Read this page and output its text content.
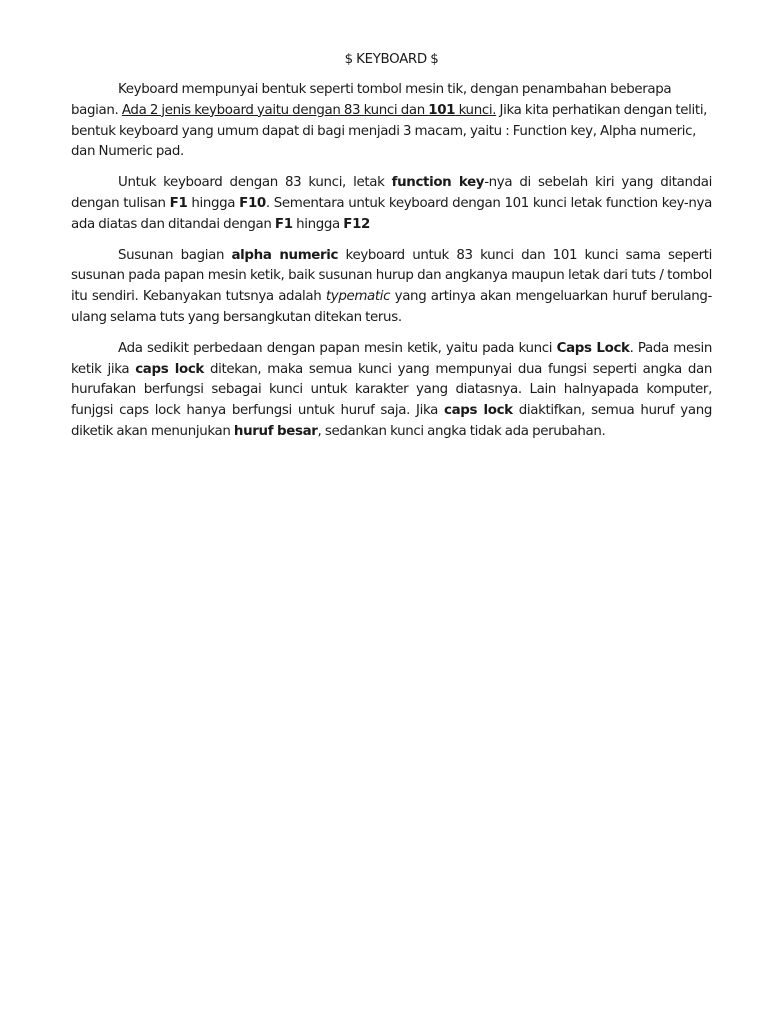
$ KEYBOARD $

Keyboard mempunyai bentuk seperti tombol mesin tik, dengan penambahan beberapa bagian. Ada 2 jenis keyboard yaitu dengan 83 kunci dan 101 kunci. Jika kita perhatikan dengan teliti, bentuk keyboard yang umum dapat di bagi menjadi 3 macam, yaitu : Function key, Alpha numeric, dan Numeric pad.

Untuk keyboard dengan 83 kunci, letak function key-nya di sebelah kiri yang ditandai dengan tulisan F1 hingga F10. Sementara untuk keyboard dengan 101 kunci letak function key-nya ada diatas dan ditandai dengan F1 hingga F12

Susunan bagian alpha numeric keyboard untuk 83 kunci dan 101 kunci sama seperti susunan pada papan mesin ketik, baik susunan hurup dan angkanya maupun letak dari tuts / tombol itu sendiri. Kebanyakan tutsnya adalah typematic yang artinya akan mengeluarkan huruf berulang-ulang selama tuts yang bersangkutan ditekan terus.

Ada sedikit perbedaan dengan papan mesin ketik, yaitu pada kunci Caps Lock. Pada mesin ketik jika caps lock ditekan, maka semua kunci yang mempunyai dua fungsi seperti angka dan hurufakan berfungsi sebagai kunci untuk karakter yang diatasnya. Lain halnyapada komputer, funjgsi caps lock hanya berfungsi untuk huruf saja. Jika caps lock diaktifkan, semua huruf yang diketik akan menunjukan huruf besar, sedankan kunci angka tidak ada perubahan.
